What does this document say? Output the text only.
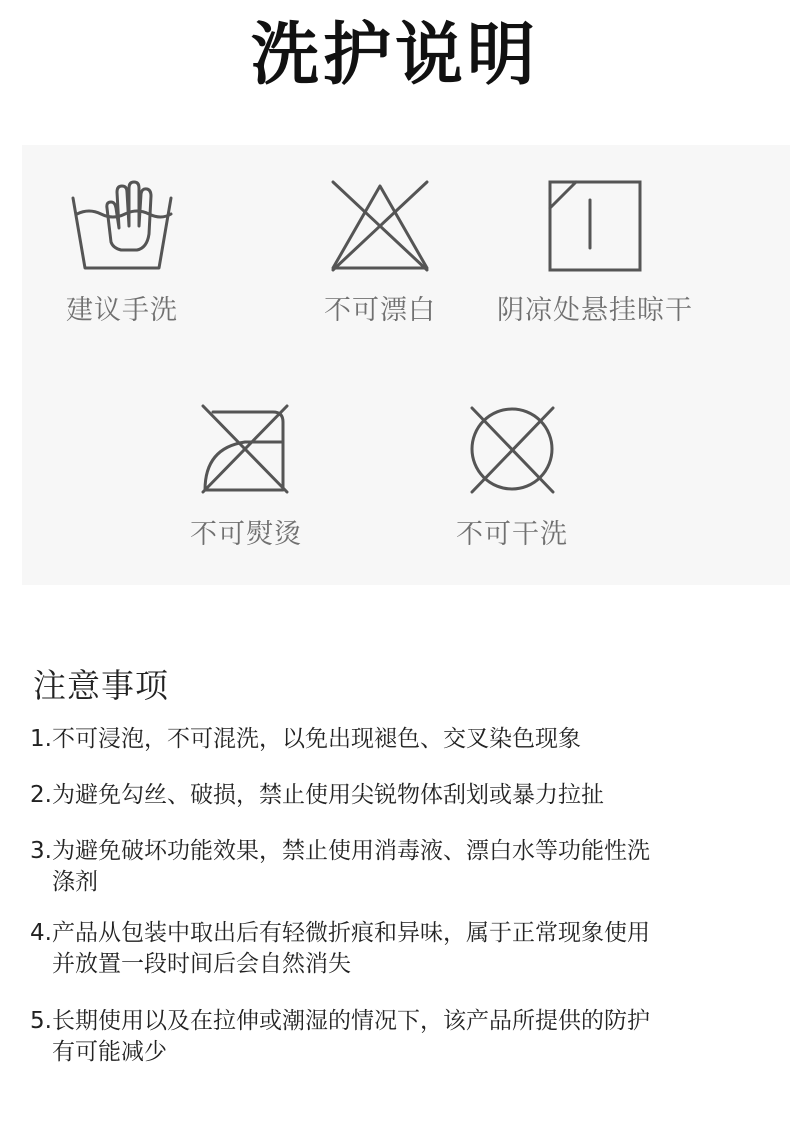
洗护说明
建议手洗	不可漂白	阴凉处悬挂晾干
不可熨烫	不可干洗
注意事项
1.不可浸泡，不可混洗，以免出现褪色、交叉染色现象
2.为避免勾丝、破损，禁止使用尖锐物体刮划或暴力拉扯
3.为避免破坏功能效果，禁止使用消毒液、漂白水等功能性洗
涤剂
4.产品从包装中取出后有轻微折痕和异味，属于正常现象使用
并放置一段时间后会自然消失
5.长期使用以及在拉伸或潮湿的情况下，该产品所提供的防护
有可能减少
